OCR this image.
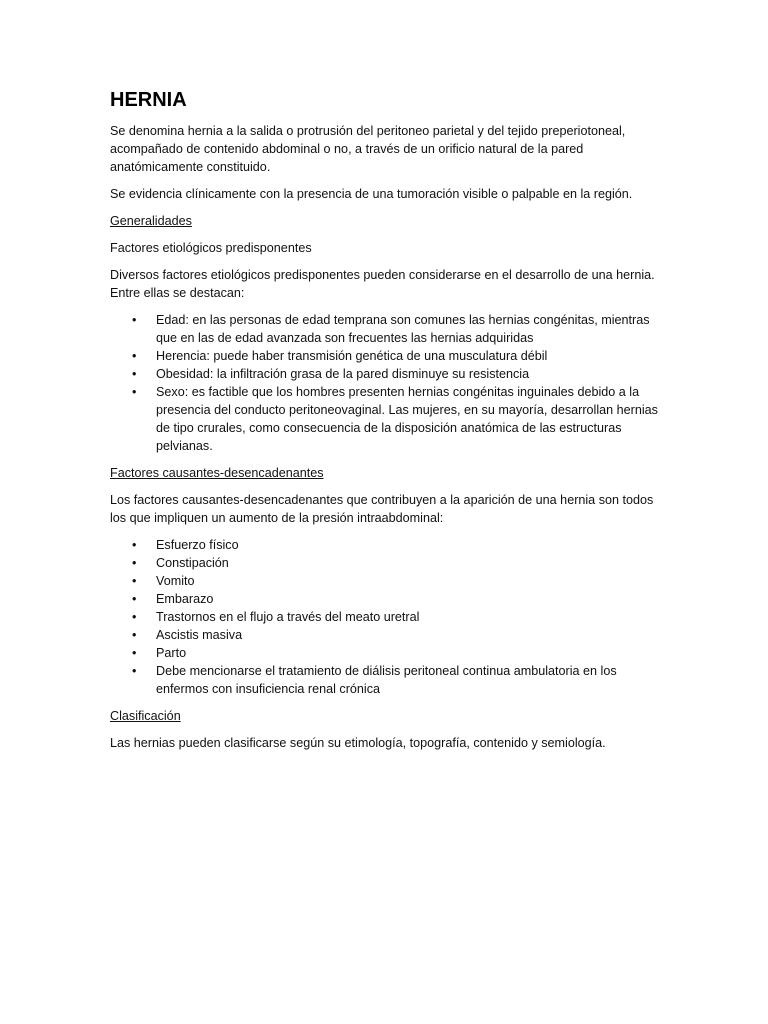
HERNIA

Se denomina hernia a la salida o protrusión del peritoneo parietal y del tejido preperiotoneal, acompañado de contenido abdominal o no, a través de un orificio natural de la pared anatómicamente constituido.

Se evidencia clínicamente con la presencia de una tumoración visible o palpable en la región.

Generalidades

Factores etiológicos predisponentes

Diversos factores etiológicos predisponentes pueden considerarse en el desarrollo de una hernia. Entre ellas se destacan:

• Edad: en las personas de edad temprana son comunes las hernias congénitas, mientras que en las de edad avanzada son frecuentes las hernias adquiridas
• Herencia: puede haber transmisión genética de una musculatura débil
• Obesidad: la infiltración grasa de la pared disminuye su resistencia
• Sexo: es factible que los hombres presenten hernias congénitas inguinales debido a la presencia del conducto peritoneovaginal. Las mujeres, en su mayoría, desarrollan hernias de tipo crurales, como consecuencia de la disposición anatómica de las estructuras pelvianas.
Factores causantes-desencadenantes

Los factores causantes-desencadenantes que contribuyen a la aparición de una hernia son todos los que impliquen un aumento de la presión intraabdominal:

• Esfuerzo físico
• Constipación
• Vomito
• Embarazo
• Trastornos en el flujo a través del meato uretral
• Ascistis masiva
• Parto
• Debe mencionarse el tratamiento de diálisis peritoneal continua ambulatoria en los enfermos con insuficiencia renal crónica
Clasificación

Las hernias pueden clasificarse según su etimología, topografía, contenido y semiología.
